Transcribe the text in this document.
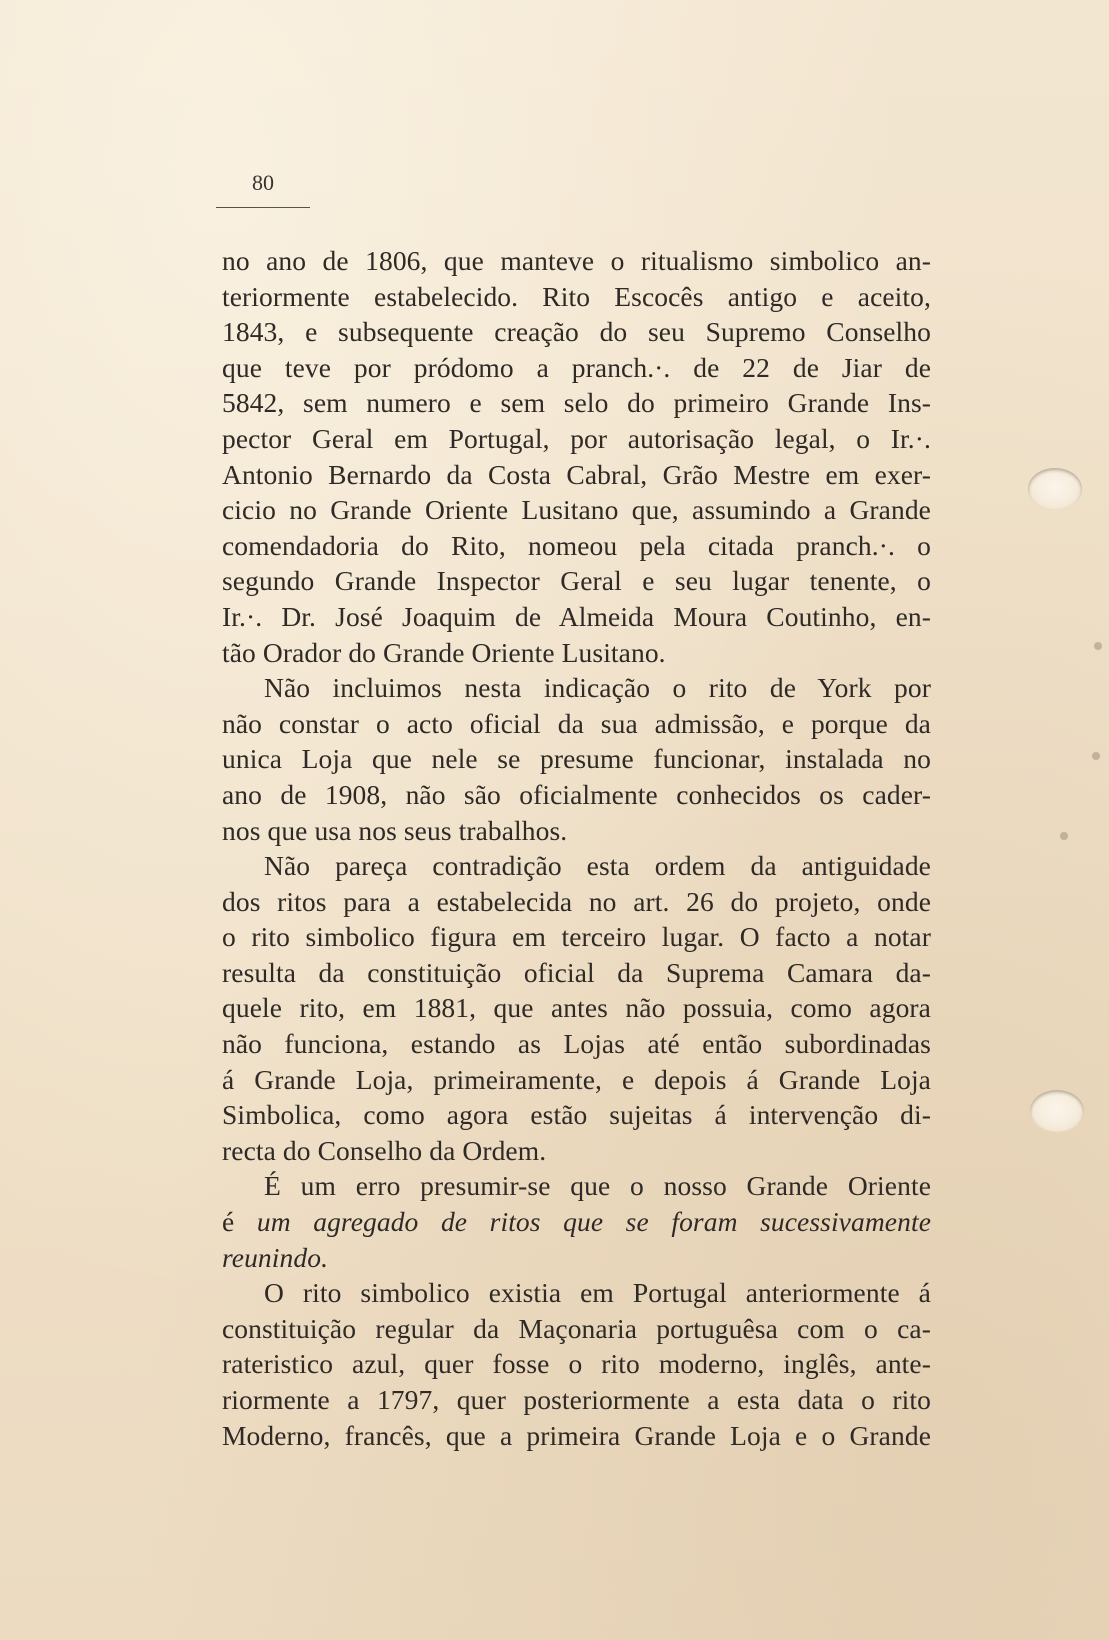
80
no ano de 1806, que manteve o ritualismo simbolico an-
teriormente estabelecido. Rito Escocês antigo e aceito,
1843, e subsequente creação do seu Supremo Conselho
que teve por pródomo a pranch.·. de 22 de Jiar de
5842, sem numero e sem selo do primeiro Grande Ins-
pector Geral em Portugal, por autorisação legal, o Ir.·.
Antonio Bernardo da Costa Cabral, Grão Mestre em exer-
cicio no Grande Oriente Lusitano que, assumindo a Grande
comendadoria do Rito, nomeou pela citada pranch.·. o
segundo Grande Inspector Geral e seu lugar tenente, o
Ir.·. Dr. José Joaquim de Almeida Moura Coutinho, en-
tão Orador do Grande Oriente Lusitano.
Não incluimos nesta indicação o rito de York por
não constar o acto oficial da sua admissão, e porque da
unica Loja que nele se presume funcionar, instalada no
ano de 1908, não são oficialmente conhecidos os cader-
nos que usa nos seus trabalhos.
Não pareça contradição esta ordem da antiguidade
dos ritos para a estabelecida no art. 26 do projeto, onde
o rito simbolico figura em terceiro lugar. O facto a notar
resulta da constituição oficial da Suprema Camara da-
quele rito, em 1881, que antes não possuia, como agora
não funciona, estando as Lojas até então subordinadas
á Grande Loja, primeiramente, e depois á Grande Loja
Simbolica, como agora estão sujeitas á intervenção di-
recta do Conselho da Ordem.
É um erro presumir-se que o nosso Grande Oriente
é um agregado de ritos que se foram sucessivamente
reunindo.
O rito simbolico existia em Portugal anteriormente á
constituição regular da Maçonaria portuguêsa com o ca-
rateristico azul, quer fosse o rito moderno, inglês, ante-
riormente a 1797, quer posteriormente a esta data o rito
Moderno, francês, que a primeira Grande Loja e o Grande
